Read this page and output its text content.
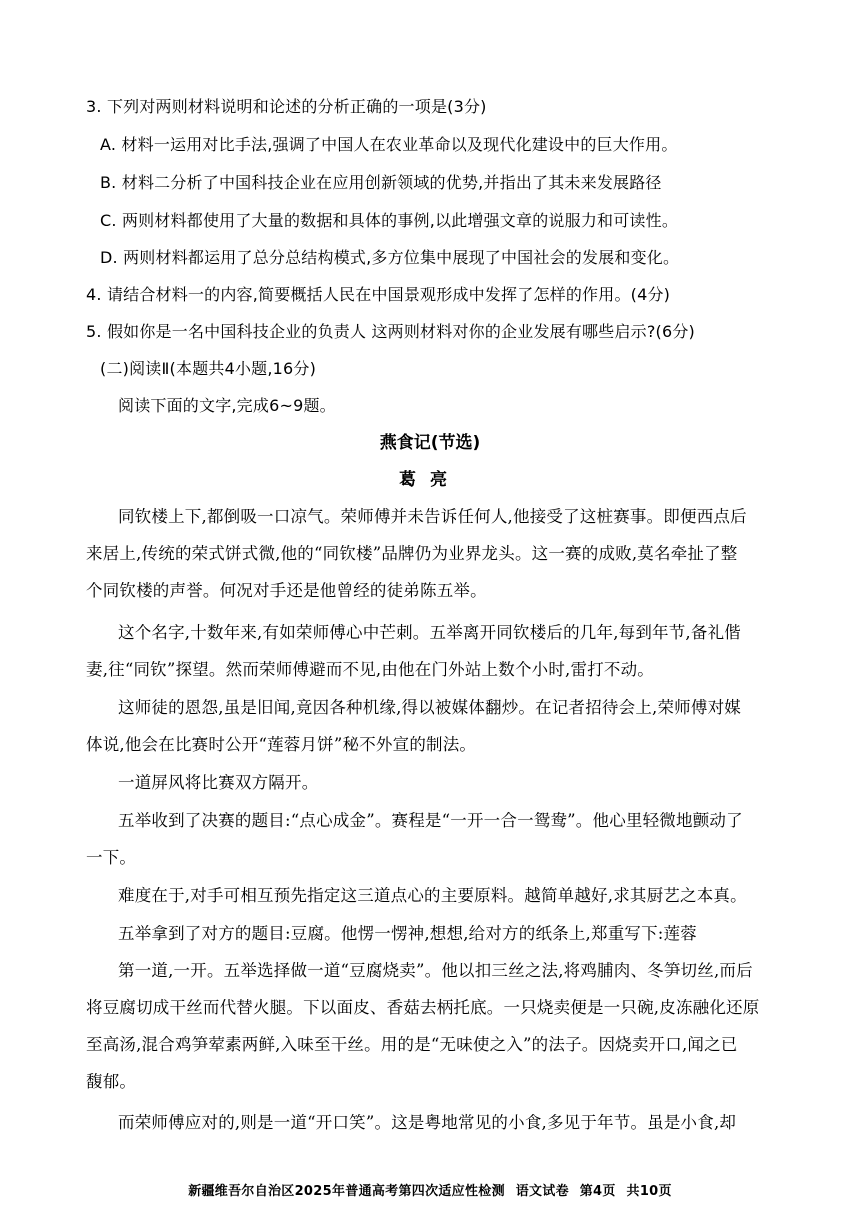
3. 下列对两则材料说明和论述的分析正确的一项是(3分)
A. 材料一运用对比手法,强调了中国人在农业革命以及现代化建设中的巨大作用。
B. 材料二分析了中国科技企业在应用创新领域的优势,并指出了其未来发展路径
C. 两则材料都使用了大量的数据和具体的事例,以此增强文章的说服力和可读性。
D. 两则材料都运用了总分总结构模式,多方位集中展现了中国社会的发展和变化。
4. 请结合材料一的内容,简要概括人民在中国景观形成中发挥了怎样的作用。(4分)
5. 假如你是一名中国科技企业的负责人 这两则材料对你的企业发展有哪些启示?(6分)
(二)阅读Ⅱ(本题共4小题,16分)
阅读下面的文字,完成6~9题。
燕食记(节选)
葛亮
同钦楼上下,都倒吸一口凉气。荣师傅并未告诉任何人,他接受了这桩赛事。即便西点后
来居上,传统的荣式饼式微,他的“同钦楼”品牌仍为业界龙头。这一赛的成败,莫名牵扯了整
个同钦楼的声誉。何况对手还是他曾经的徒弟陈五举。
这个名字,十数年来,有如荣师傅心中芒刺。五举离开同钦楼后的几年,每到年节,备礼偕
妻,往“同钦”探望。然而荣师傅避而不见,由他在门外站上数个小时,雷打不动。
这师徒的恩怨,虽是旧闻,竟因各种机缘,得以被媒体翻炒。在记者招待会上,荣师傅对媒
体说,他会在比赛时公开“莲蓉月饼”秘不外宣的制法。
一道屏风将比赛双方隔开。
五举收到了决赛的题目:“点心成金”。赛程是“一开一合一鸳鸯”。他心里轻微地颤动了
一下。
难度在于,对手可相互预先指定这三道点心的主要原料。越简单越好,求其厨艺之本真。
五举拿到了对方的题目:豆腐。他愣一愣神,想想,给对方的纸条上,郑重写下:莲蓉
第一道,一开。五举选择做一道“豆腐烧卖”。他以扣三丝之法,将鸡脯肉、冬笋切丝,而后
将豆腐切成干丝而代替火腿。下以面皮、香菇去柄托底。一只烧卖便是一只碗,皮冻融化还原
至高汤,混合鸡笋荤素两鲜,入味至干丝。用的是“无味使之入”的法子。因烧卖开口,闻之已
馥郁。
而荣师傅应对的,则是一道“开口笑”。这是粤地常见的小食,多见于年节。虽是小食,却
新疆维吾尔自治区2025年普通高考第四次适应性检测 语文试卷 第4页 共10页
